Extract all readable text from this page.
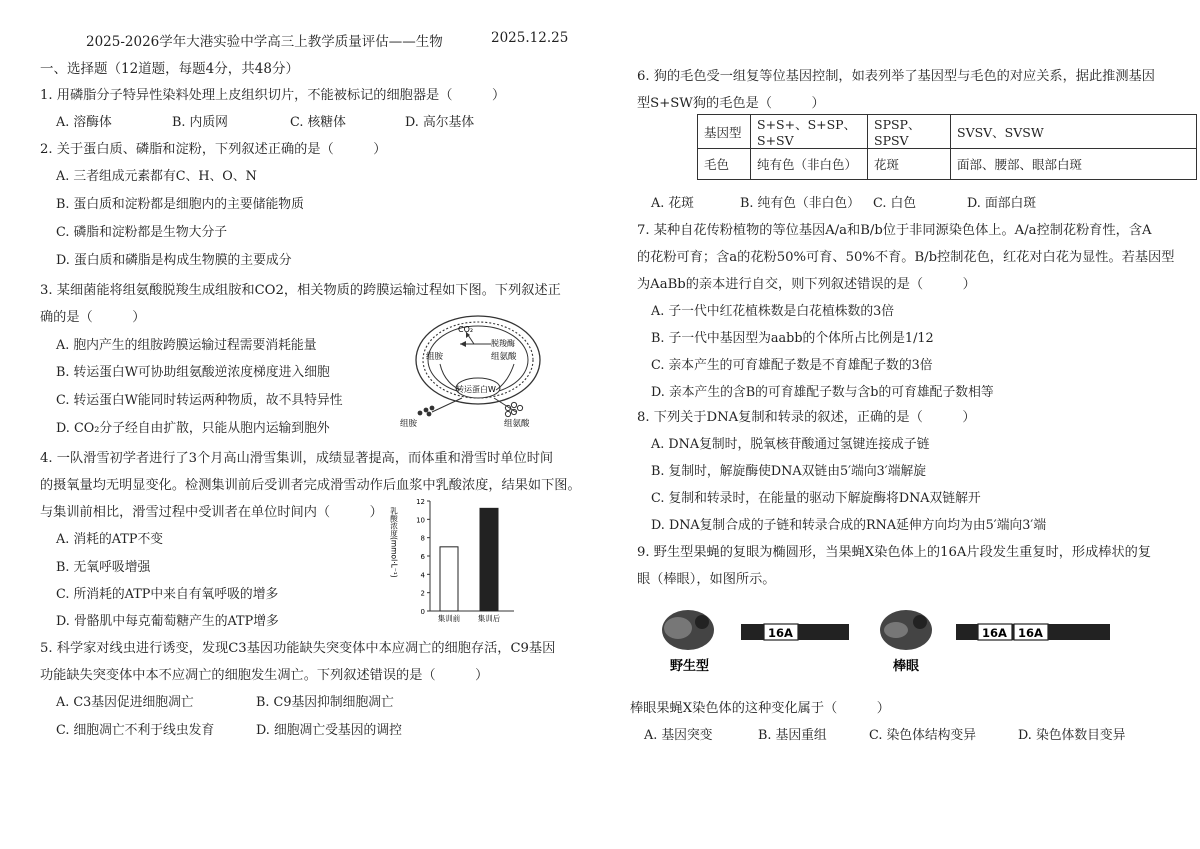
2025-2026学年大港实验中学高三上教学质量评估——生物	2025.12.25
一、选择题（12道题，每题4分，共48分）
1. 用磷脂分子特异性染料处理上皮组织切片，不能被标记的细胞器是（　　　）
A. 溶酶体	B. 内质网	C. 核糖体	D. 高尔基体
2. 关于蛋白质、磷脂和淀粉，下列叙述正确的是（　　　）
A. 三者组成元素都有C、H、O、N
B. 蛋白质和淀粉都是细胞内的主要储能物质
C. 磷脂和淀粉都是生物大分子
D. 蛋白质和磷脂是构成生物膜的主要成分
3. 某细菌能将组氨酸脱羧生成组胺和CO2，相关物质的跨膜运输过程如下图。下列叙述正
确的是（　　　）
A. 胞内产生的组胺跨膜运输过程需要消耗能量
B. 转运蛋白W可协助组氨酸逆浓度梯度进入细胞
C. 转运蛋白W能同时转运两种物质，故不具特异性
D. CO₂分子经自由扩散，只能从胞内运输到胞外
CO₂
脱羧酶
组胺	组氨酸
转运蛋白W
组胺	组氨酸
4. 一队滑雪初学者进行了3个月高山滑雪集训，成绩显著提高，而体重和滑雪时单位时间
的摄氧量均无明显变化。检测集训前后受训者完成滑雪动作后血浆中乳酸浓度，结果如下图。
与集训前相比，滑雪过程中受训者在单位时间内（　　　）
A. 消耗的ATP不变
B. 无氧呼吸增强
C. 所消耗的ATP中来自有氧呼吸的增多
D. 骨骼肌中每克葡萄糖产生的ATP增多
乳酸浓度(mmol·L⁻¹)
0
2
4
6
8
10
12
集训前 集训后
5. 科学家对线虫进行诱变，发现C3基因功能缺失突变体中本应凋亡的细胞存活，C9基因
功能缺失突变体中本不应凋亡的细胞发生凋亡。下列叙述错误的是（　　　）
A. C3基因促进细胞凋亡	B. C9基因抑制细胞凋亡
C. 细胞凋亡不利于线虫发育	D. 细胞凋亡受基因的调控
6. 狗的毛色受一组复等位基因控制，如表列举了基因型与毛色的对应关系，据此推测基因
型S+SW狗的毛色是（　　　）
基因型	S+S+、S+SP、S+SV	SPSP、SPSV	SVSV、SVSW
毛色	纯有色（非白色）	花斑	面部、腰部、眼部白斑
A. 花斑	B. 纯有色（非白色） C. 白色	D. 面部白斑
7. 某种自花传粉植物的等位基因A/a和B/b位于非同源染色体上。A/a控制花粉育性，含A
的花粉可育；含a的花粉50%可育、50%不育。B/b控制花色，红花对白花为显性。若基因型
为AaBb的亲本进行自交，则下列叙述错误的是（　　　）
A. 子一代中红花植株数是白花植株数的3倍
B. 子一代中基因型为aabb的个体所占比例是1/12
C. 亲本产生的可育雄配子数是不育雄配子数的3倍
D. 亲本产生的含B的可育雄配子数与含b的可育雄配子数相等
8. 下列关于DNA复制和转录的叙述，正确的是（　　　）
A. DNA复制时，脱氧核苷酸通过氢键连接成子链
B. 复制时，解旋酶使DNA双链由5′端向3′端解旋
C. 复制和转录时，在能量的驱动下解旋酶将DNA双链解开
D. DNA复制合成的子链和转录合成的RNA延伸方向均为由5′端向3′端
9. 野生型果蝇的复眼为椭圆形，当果蝇X染色体上的16A片段发生重复时，形成棒状的复
眼（棒眼），如图所示。
野生型
16A
棒眼
16A 16A
棒眼果蝇X染色体的这种变化属于（　　　）
A. 基因突变	B. 基因重组	C. 染色体结构变异	D. 染色体数目变异
